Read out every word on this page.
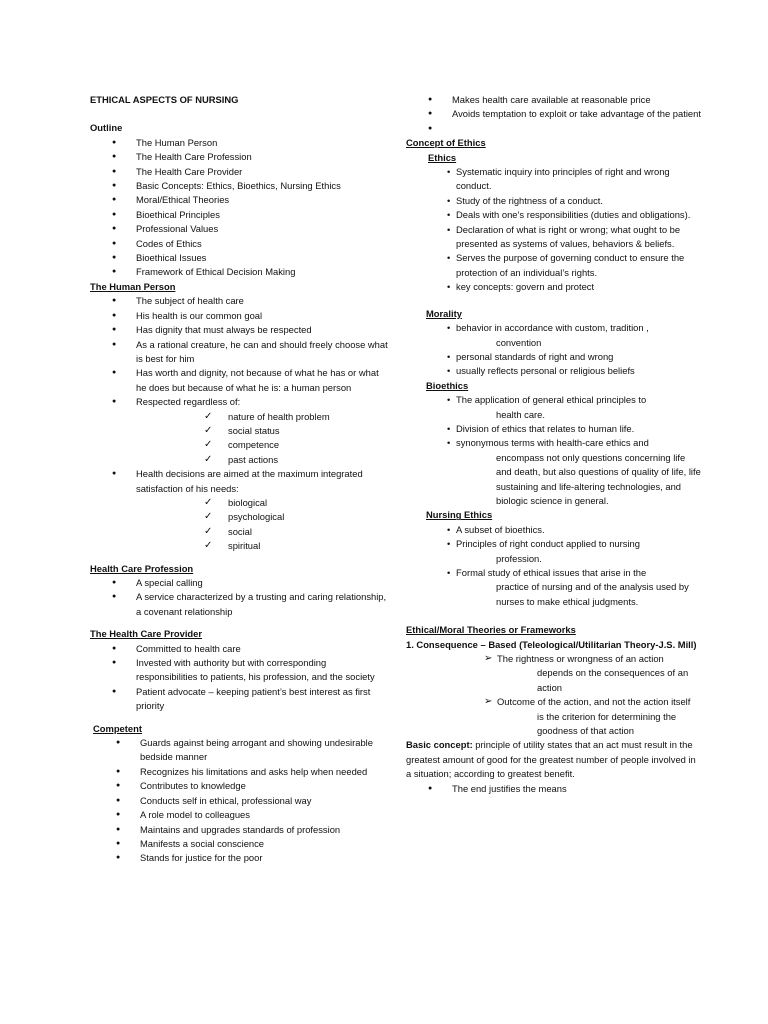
ETHICAL ASPECTS OF NURSING
Outline
● The Human Person
● The Health Care Profession
● The Health Care Provider
● Basic Concepts: Ethics, Bioethics, Nursing Ethics
● Moral/Ethical Theories
● Bioethical Principles
● Professional Values
● Codes of Ethics
● Bioethical Issues
● Framework of Ethical Decision Making
The Human Person
● The subject of health care
● His health is our common goal
● Has dignity that must always be respected
● As a rational creature, he can and should freely choose what is best for him
● Has worth and dignity, not because of what he has or what he does but because of what he is: a human person
● Respected regardless of:
✓ nature of health problem
✓ social status
✓ competence
✓ past actions
● Health decisions are aimed at the maximum integrated satisfaction of his needs:
✓ biological
✓ psychological
✓ social
✓ spiritual
Health Care Profession
● A special calling
● A service characterized by a trusting and caring relationship, a covenant relationship
The Health Care Provider
● Committed to health care
● Invested with authority but with corresponding responsibilities to patients, his profession, and the society
● Patient advocate – keeping patient’s best interest as first priority
Competent
● Guards against being arrogant and showing undesirable bedside manner
● Recognizes his limitations and asks help when needed
● Contributes to knowledge
● Conducts self in ethical, professional way
● A role model to colleagues
● Maintains and upgrades standards of profession
● Manifests a social conscience
● Stands for justice for the poor
● Makes health care available at reasonable price
● Avoids temptation to exploit or take advantage of the patient
●
Concept of Ethics
Ethics
• Systematic inquiry into principles of right and wrong conduct.
• Study of the rightness of a conduct.
• Deals with one’s responsibilities (duties and obligations).
• Declaration of what is right or wrong; what ought to be presented as systems of values, behaviors & beliefs.
• Serves the purpose of governing conduct to ensure the protection of an individual’s rights.
• key concepts: govern and protect
Morality
• behavior in accordance with custom, tradition ,
convention
• personal standards of right and wrong
• usually reflects personal or religious beliefs
Bioethics
• The application of general ethical principles to
health care.
• Division of ethics that relates to human life.
• synonymous terms with health-care ethics and
encompass not only questions concerning life and death, but also questions of quality of life, life sustaining and life-altering technologies, and biologic science in general.
Nursing Ethics
• A subset of bioethics.
• Principles of right conduct applied to nursing
profession.
• Formal study of ethical issues that arise in the
practice of nursing and of the analysis used by nurses to make ethical judgments.
Ethical/Moral Theories or Frameworks
1. Consequence – Based (Teleological/Utilitarian Theory-J.S. Mill)
➢ The rightness or wrongness of an action
depends on the consequences of an action
➢ Outcome of the action, and not the action itself
is the criterion for determining the goodness of that action
Basic concept: principle of utility states that an act must result in the greatest amount of good for the greatest number of people involved in a situation; according to greatest benefit.
● The end justifies the means
